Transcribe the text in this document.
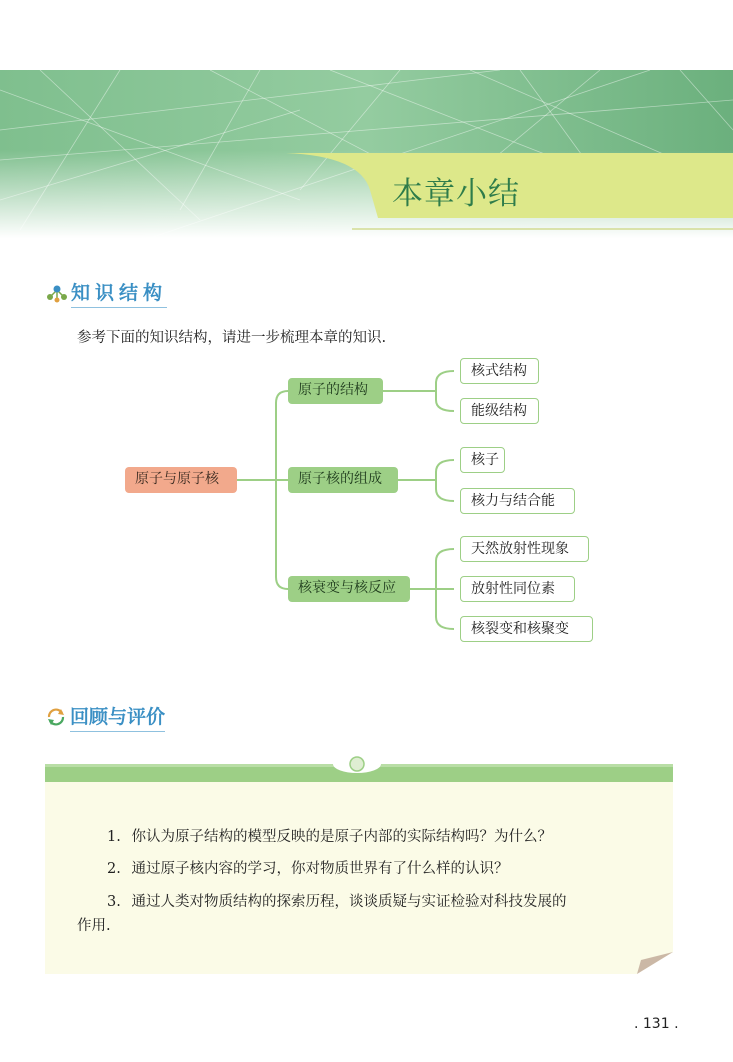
本章小结
知识结构
参考下面的知识结构，请进一步梳理本章的知识.
原子与原子核
原子的结构
原子核的组成
核衰变与核反应
核式结构
能级结构
核子
核力与结合能
天然放射性现象
放射性同位素
核裂变和核聚变
回顾与评价
1. 你认为原子结构的模型反映的是原子内部的实际结构吗？为什么？
2. 通过原子核内容的学习，你对物质世界有了什么样的认识？
3. 通过人类对物质结构的探索历程，谈谈质疑与实证检验对科技发展的
作用.
. 131 .
